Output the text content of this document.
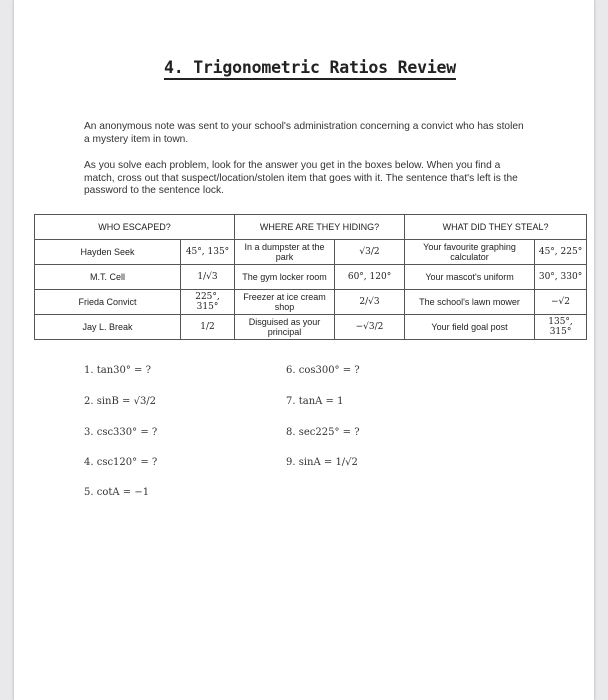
4. Trigonometric Ratios Review
An anonymous note was sent to your school's administration concerning a convict who has stolen a mystery item in town.
As you solve each problem, look for the answer you get in the boxes below. When you find a match, cross out that suspect/location/stolen item that goes with it. The sentence that's left is the password to the sentence lock.
WHO ESCAPED?		WHERE ARE THEY HIDING?		WHAT DID THEY STEAL?	
Hayden Seek	45°, 135°	In a dumpster at the park	√3/2	Your favourite graphing calculator	45°, 225°
M.T. Cell	1/√3	The gym locker room	60°, 120°	Your mascot's uniform	30°, 330°
Frieda Convict	225°, 315°	Freezer at ice cream shop	2/√3	The school's lawn mower	−√2
Jay L. Break	1/2	Disguised as your principal	−√3/2	Your field goal post	135°, 315°
1. tan30° = ?
2. sinB = √3/2
3. csc330° = ?
4. csc120° = ?
5. cotA = −1
6. cos300° = ?
7. tanA = 1
8. sec225° = ?
9. sinA = 1/√2
